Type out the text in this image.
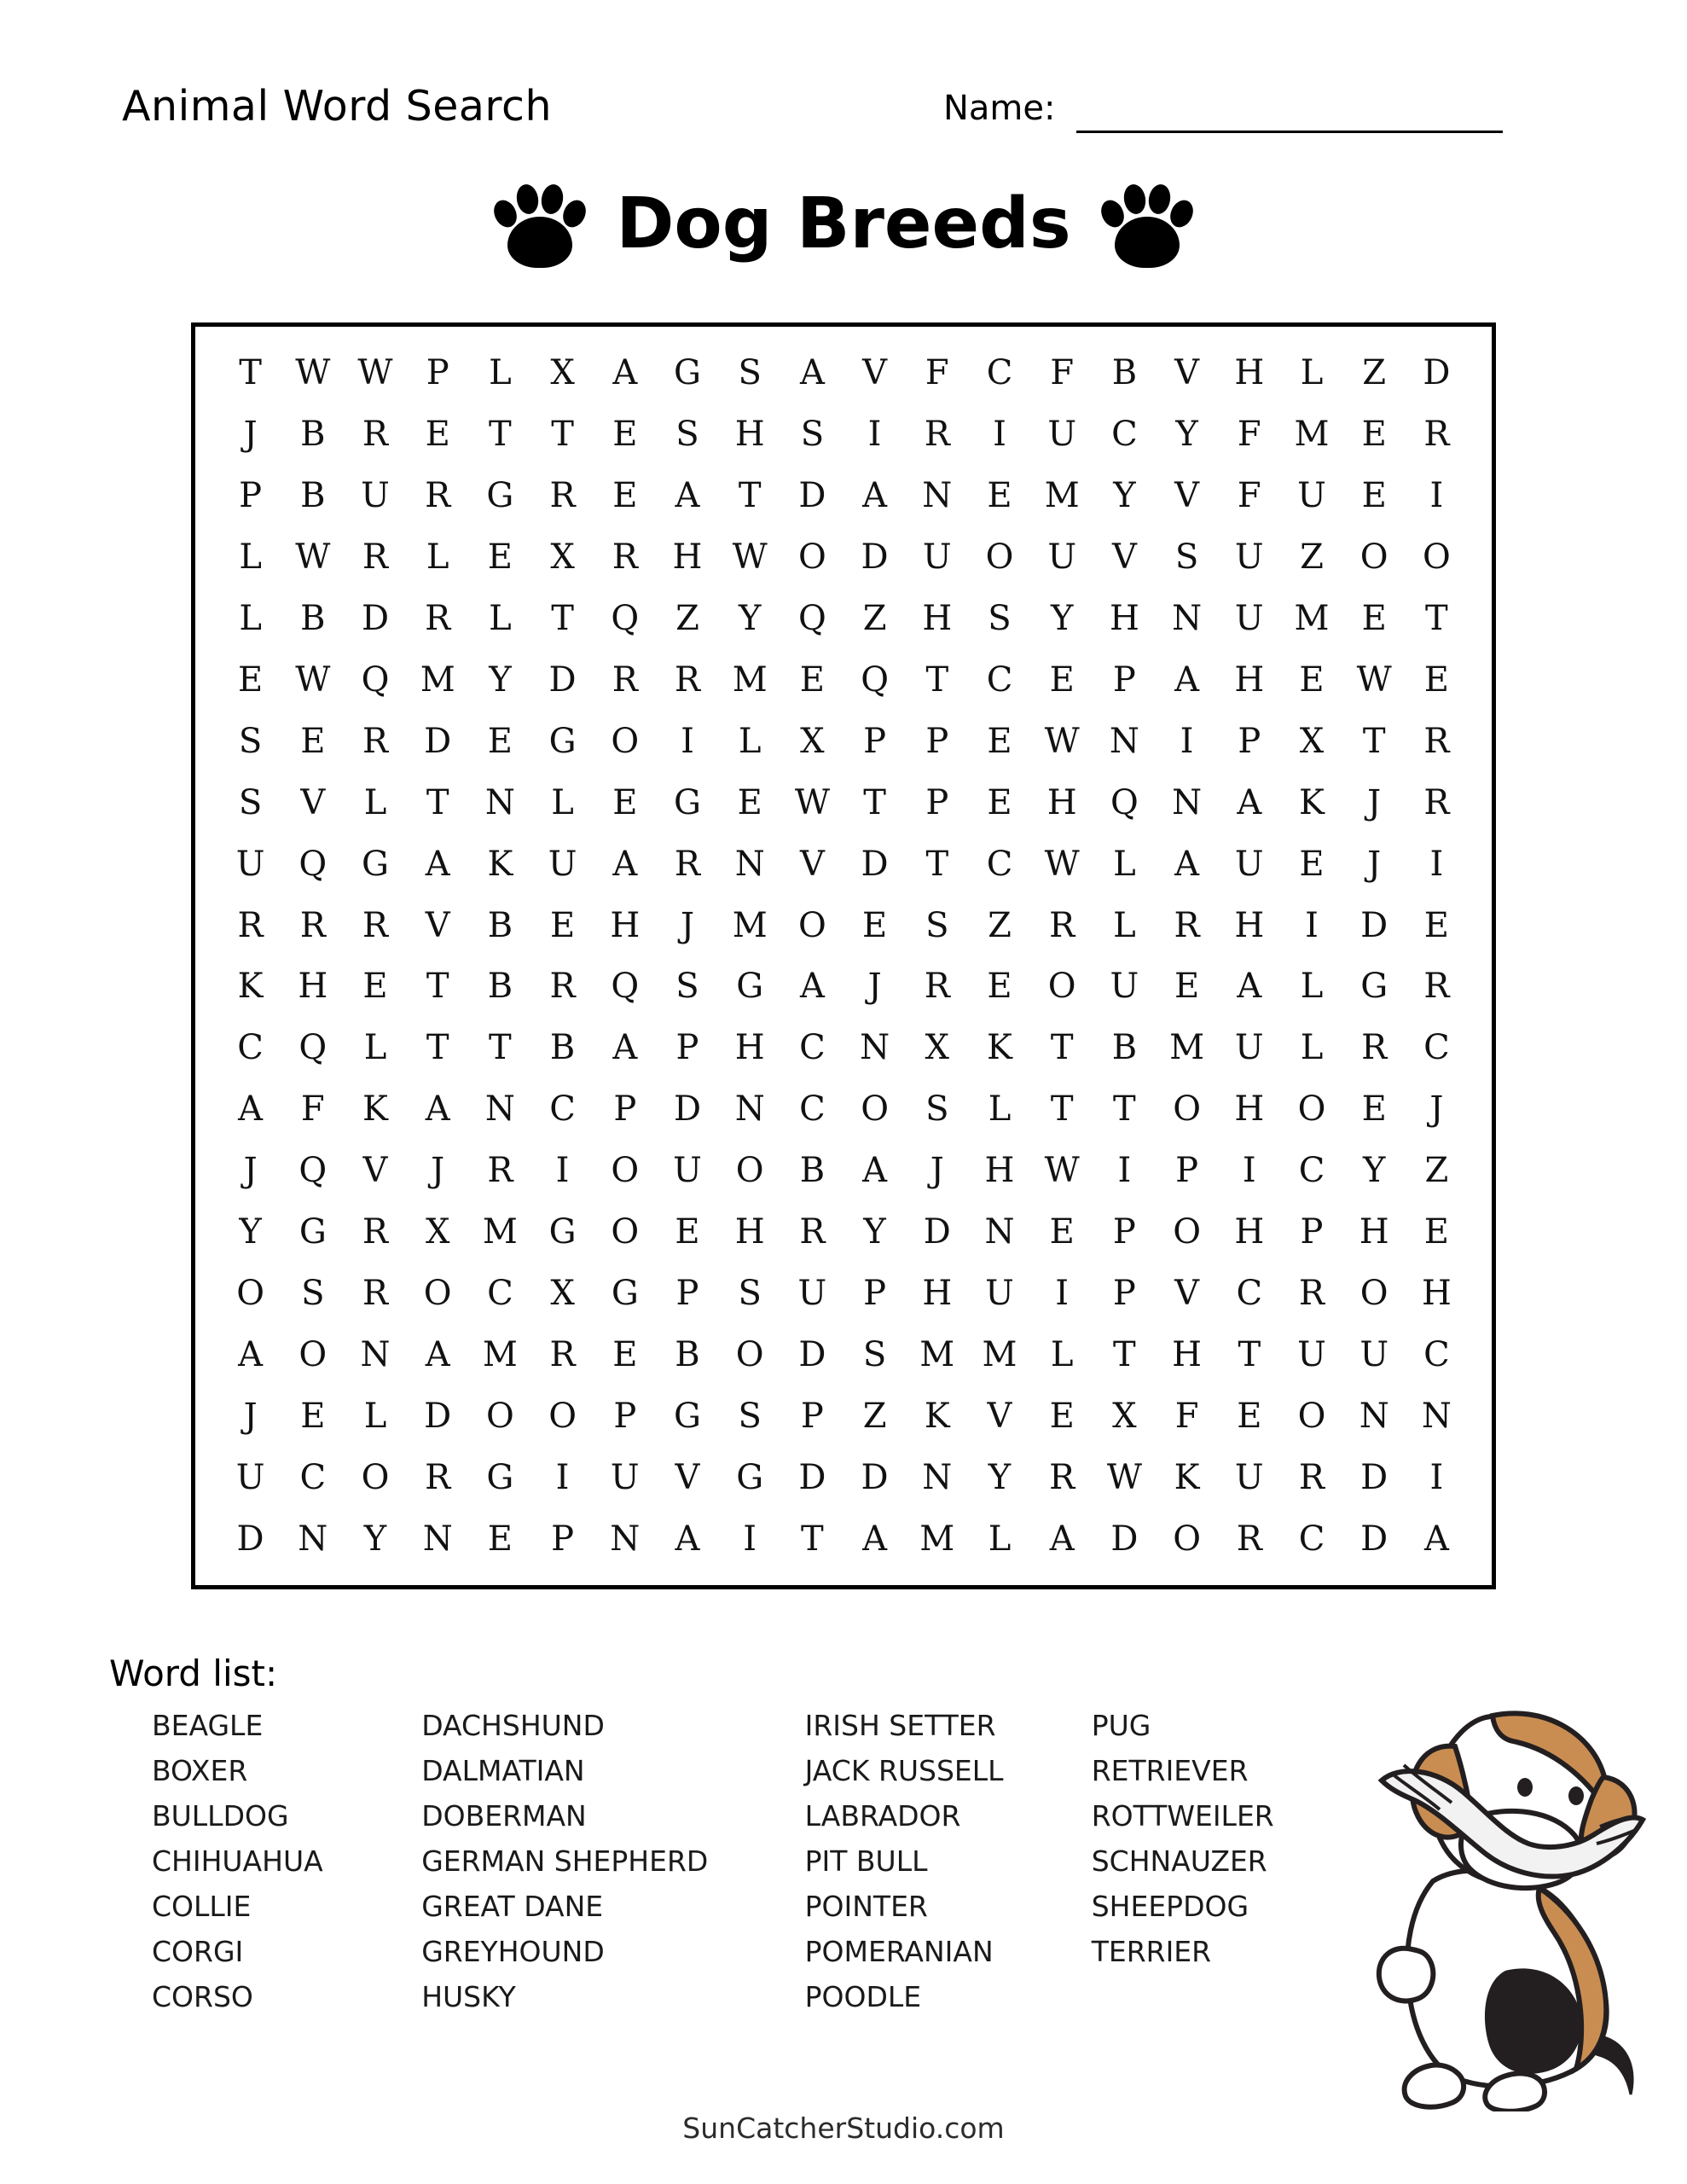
Animal Word Search	Name:
Dog Breeds
T W W P	L	X	A	G	S	A	V	F	C	F	B	V	H	L	Z	D
J	B	R	E	T	T	E	S	H	S	I	R	I	U	C	Y	F M E	R
P	B	U	R	G	R	E	A	T	D	A	N	E M Y	V	F	U	E	I
L W R	L	E	X	R	H W O	D	U O U	V	S	U	Z	O	O
L	B	D	R	L	T	Q	Z	Y	Q	Z	H	S	Y	H N U M E	T
E W Q M Y	D	R	R M E	Q	T	C	E	P	A	H	E W E
S	E	R	D	E	G	O	I	L	X	P	P	E W N	I	P	X	T	R
S	V	L	T	N	L	E	G	E W T	P	E	H Q N	A	K	J	R
U Q	G	A	K	U	A	R	N	V	D	T	C W L	A	U	E	J	I
R	R	R	V	B	E	H	J	M O	E	S	Z	R	L	R	H	I	D	E
K	H	E	T	B	R	Q	S	G	A	J	R	E	O U	E	A	L	G	R
C	Q	L	T	T	B	A	P	H	C	N	X	K	T	B M U	L	R	C
A	F	K	A	N	C	P	D N	C	O	S	L	T	T	O H O	E	J
J	Q	V	J	R	I	O U O	B	A	J	H W	I	P	I	C	Y	Z
Y	G	R	X M G	O	E	H	R	Y	D N	E	P	O H	P	H	E
O	S	R	O	C	X	G	P	S	U	P	H U	I	P	V	C	R	O H
A	O N	A M R	E	B	O	D	S M M L	T	H	T	U U	C
J	E	L	D	O	O	P	G	S	P	Z	K	V	E	X	F	E	O N N
U	C	O	R	G	I	U	V	G	D	D N	Y	R W K	U	R	D	I
D N	Y	N	E	P	N	A	I	T	A M L	A	D	O	R	C	D	A
Word list:
BEAGLE
BOXER
BULLDOG
CHIHUAHUA
COLLIE
CORGI
CORSO
DACHSHUND
DALMATIAN
DOBERMAN
GERMAN SHEPHERD
GREAT DANE
GREYHOUND
HUSKY
IRISH SETTER
JACK RUSSELL
LABRADOR
PIT BULL
POINTER
POMERANIAN
POODLE
PUG
RETRIEVER
ROTTWEILER
SCHNAUZER
SHEEPDOG
TERRIER
SunCatcherStudio.com
